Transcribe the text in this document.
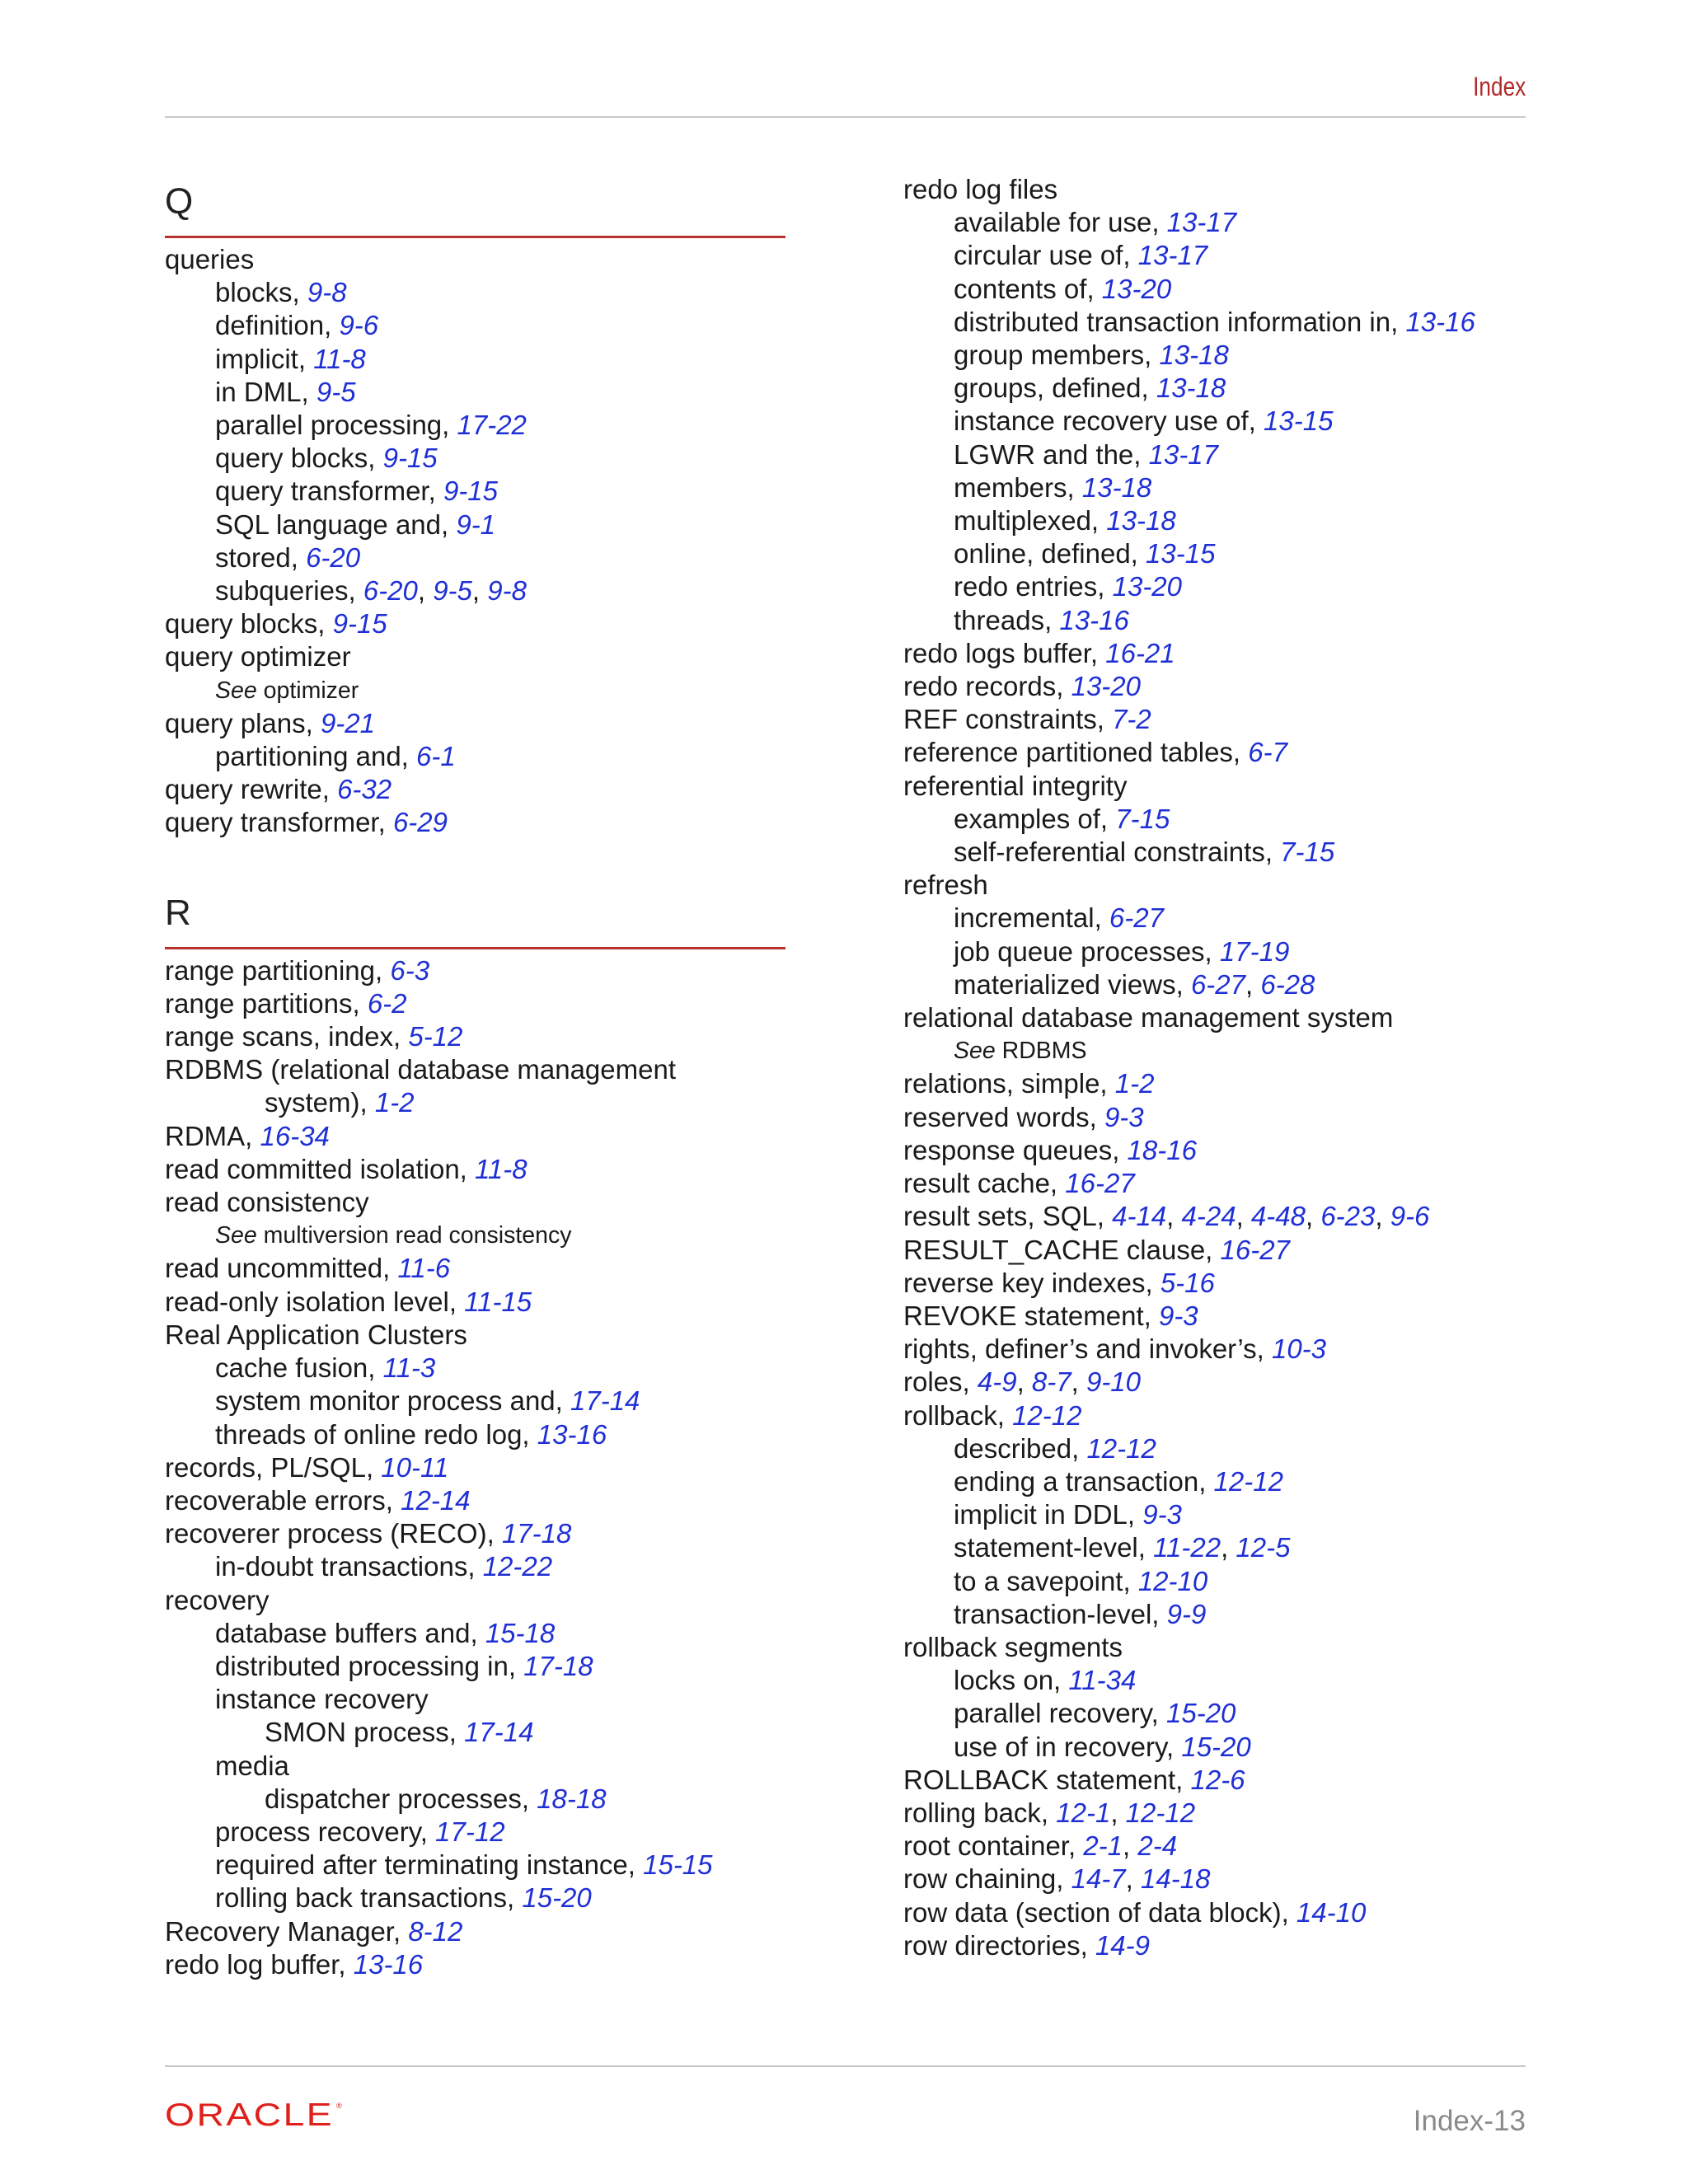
Index
Q
queries
blocks, 9-8
definition, 9-6
implicit, 11-8
in DML, 9-5
parallel processing, 17-22
query blocks, 9-15
query transformer, 9-15
SQL language and, 9-1
stored, 6-20
subqueries, 6-20, 9-5, 9-8
query blocks, 9-15
query optimizer
See optimizer
query plans, 9-21
partitioning and, 6-1
query rewrite, 6-32
query transformer, 6-29
R
range partitioning, 6-3
range partitions, 6-2
range scans, index, 5-12
RDBMS (relational database management
system), 1-2
RDMA, 16-34
read committed isolation, 11-8
read consistency
See multiversion read consistency
read uncommitted, 11-6
read-only isolation level, 11-15
Real Application Clusters
cache fusion, 11-3
system monitor process and, 17-14
threads of online redo log, 13-16
records, PL/SQL, 10-11
recoverable errors, 12-14
recoverer process (RECO), 17-18
in-doubt transactions, 12-22
recovery
database buffers and, 15-18
distributed processing in, 17-18
instance recovery
SMON process, 17-14
media
dispatcher processes, 18-18
process recovery, 17-12
required after terminating instance, 15-15
rolling back transactions, 15-20
Recovery Manager, 8-12
redo log buffer, 13-16
redo log files
available for use, 13-17
circular use of, 13-17
contents of, 13-20
distributed transaction information in, 13-16
group members, 13-18
groups, defined, 13-18
instance recovery use of, 13-15
LGWR and the, 13-17
members, 13-18
multiplexed, 13-18
online, defined, 13-15
redo entries, 13-20
threads, 13-16
redo logs buffer, 16-21
redo records, 13-20
REF constraints, 7-2
reference partitioned tables, 6-7
referential integrity
examples of, 7-15
self-referential constraints, 7-15
refresh
incremental, 6-27
job queue processes, 17-19
materialized views, 6-27, 6-28
relational database management system
See RDBMS
relations, simple, 1-2
reserved words, 9-3
response queues, 18-16
result cache, 16-27
result sets, SQL, 4-14, 4-24, 4-48, 6-23, 9-6
RESULT_CACHE clause, 16-27
reverse key indexes, 5-16
REVOKE statement, 9-3
rights, definer’s and invoker’s, 10-3
roles, 4-9, 8-7, 9-10
rollback, 12-12
described, 12-12
ending a transaction, 12-12
implicit in DDL, 9-3
statement-level, 11-22, 12-5
to a savepoint, 12-10
transaction-level, 9-9
rollback segments
locks on, 11-34
parallel recovery, 15-20
use of in recovery, 15-20
ROLLBACK statement, 12-6
rolling back, 12-1, 12-12
root container, 2-1, 2-4
row chaining, 14-7, 14-18
row data (section of data block), 14-10
row directories, 14-9
ORACLE ®	Index-13
